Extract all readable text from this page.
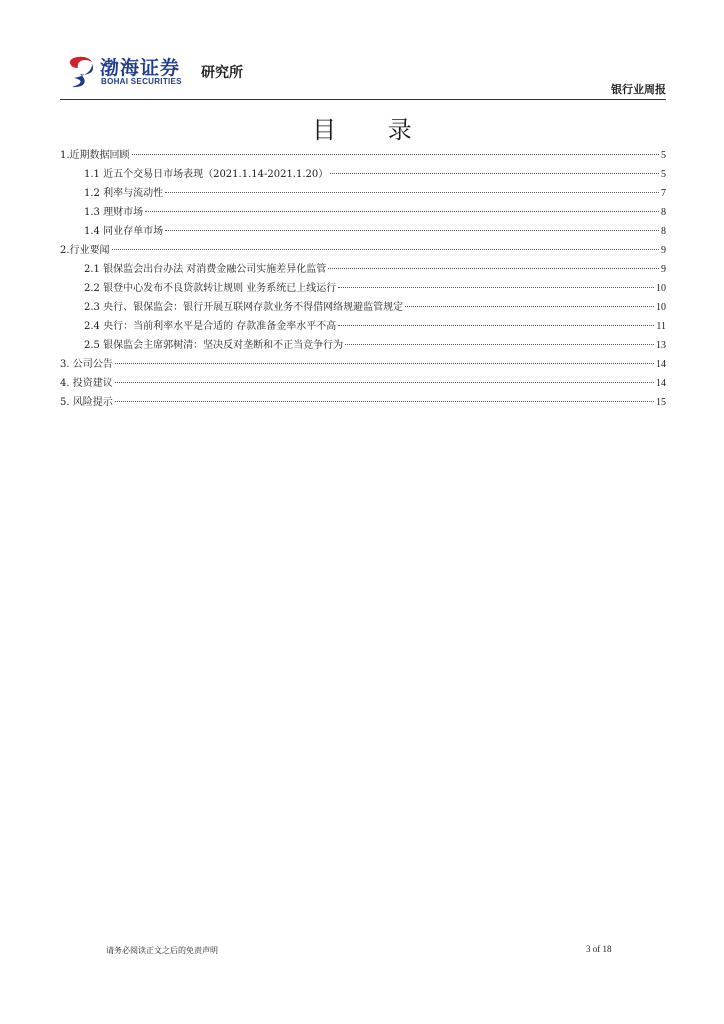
渤海证券
BOHAI SECURITIES
研究所
银行业周报
目 录
1.近期数据回顾	5
1.1 近五个交易日市场表现（2021.1.14-2021.1.20）	5
1.2 利率与流动性	7
1.3 理财市场	8
1.4 同业存单市场	8
2.行业要闻	9
2.1 银保监会出台办法 对消费金融公司实施差异化监管	9
2.2 银登中心发布不良贷款转让规则 业务系统已上线运行	10
2.3 央行、银保监会：银行开展互联网存款业务不得借网络规避监管规定	10
2.4 央行：当前利率水平是合适的 存款准备金率水平不高	11
2.5 银保监会主席郭树清：坚决反对垄断和不正当竞争行为	13
3. 公司公告	14
4. 投资建议	14
5. 风险提示	15
请务必阅读正文之后的免责声明	3 of 18
